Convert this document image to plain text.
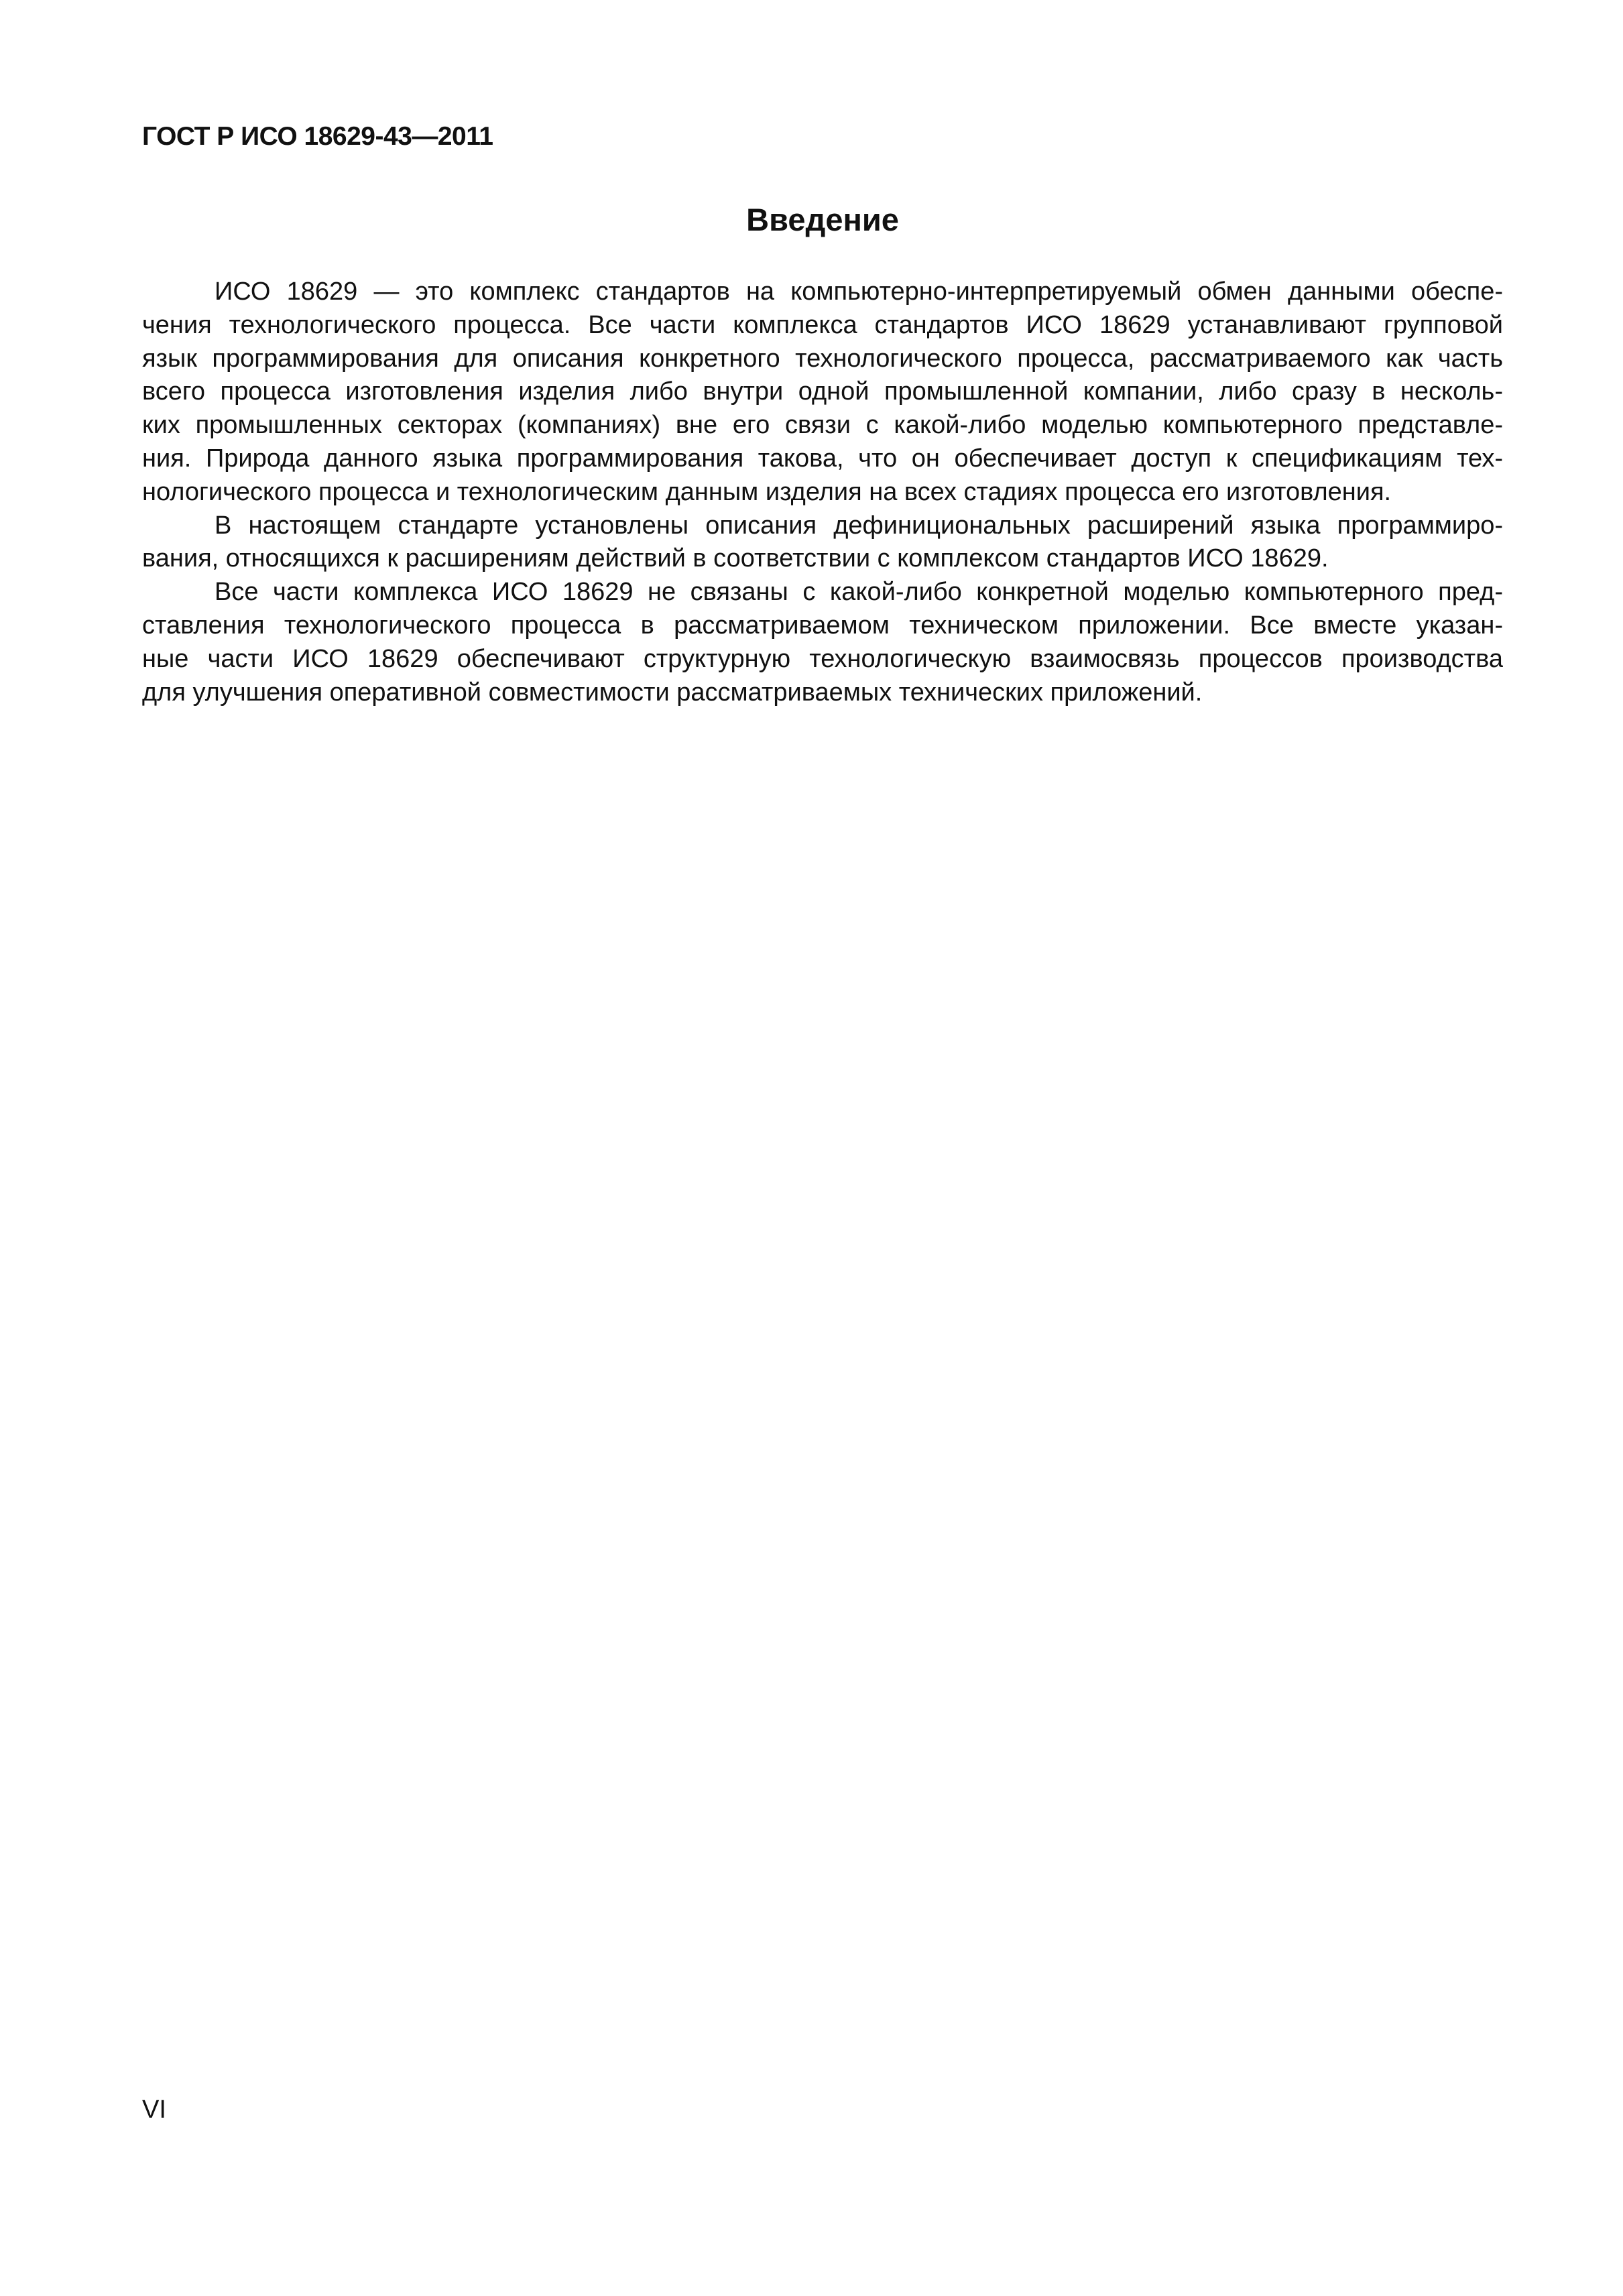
ГОСТ Р ИСО 18629-43—2011
Введение

ИСО 18629 — это комплекс стандартов на компьютерно-интерпретируемый обмен данными обеспе-
чения технологического процесса. Все части комплекса стандартов ИСО 18629 устанавливают групповой
язык программирования для описания конкретного технологического процесса, рассматриваемого как часть
всего процесса изготовления изделия либо внутри одной промышленной компании, либо сразу в несколь-
ких промышленных секторах (компаниях) вне его связи с какой-либо моделью компьютерного представле-
ния. Природа данного языка программирования такова, что он обеспечивает доступ к спецификациям тех-
нологического процесса и технологическим данным изделия на всех стадиях процесса его изготовления.

В настоящем стандарте установлены описания дефиниционaльных расширений языка программиро-
вания, относящихся к расширениям действий в соответствии с комплексом стандартов ИСО 18629.

Все части комплекса ИСО 18629 не связаны с какой-либо конкретной моделью компьютерного пред-
ставления технологического процесса в рассматриваемом техническом приложении. Все вместе указан-
ные части ИСО 18629 обеспечивают структурную технологическую взаимосвязь процессов производства
для улучшения оперативной совместимости рассматриваемых технических приложений.

VI
